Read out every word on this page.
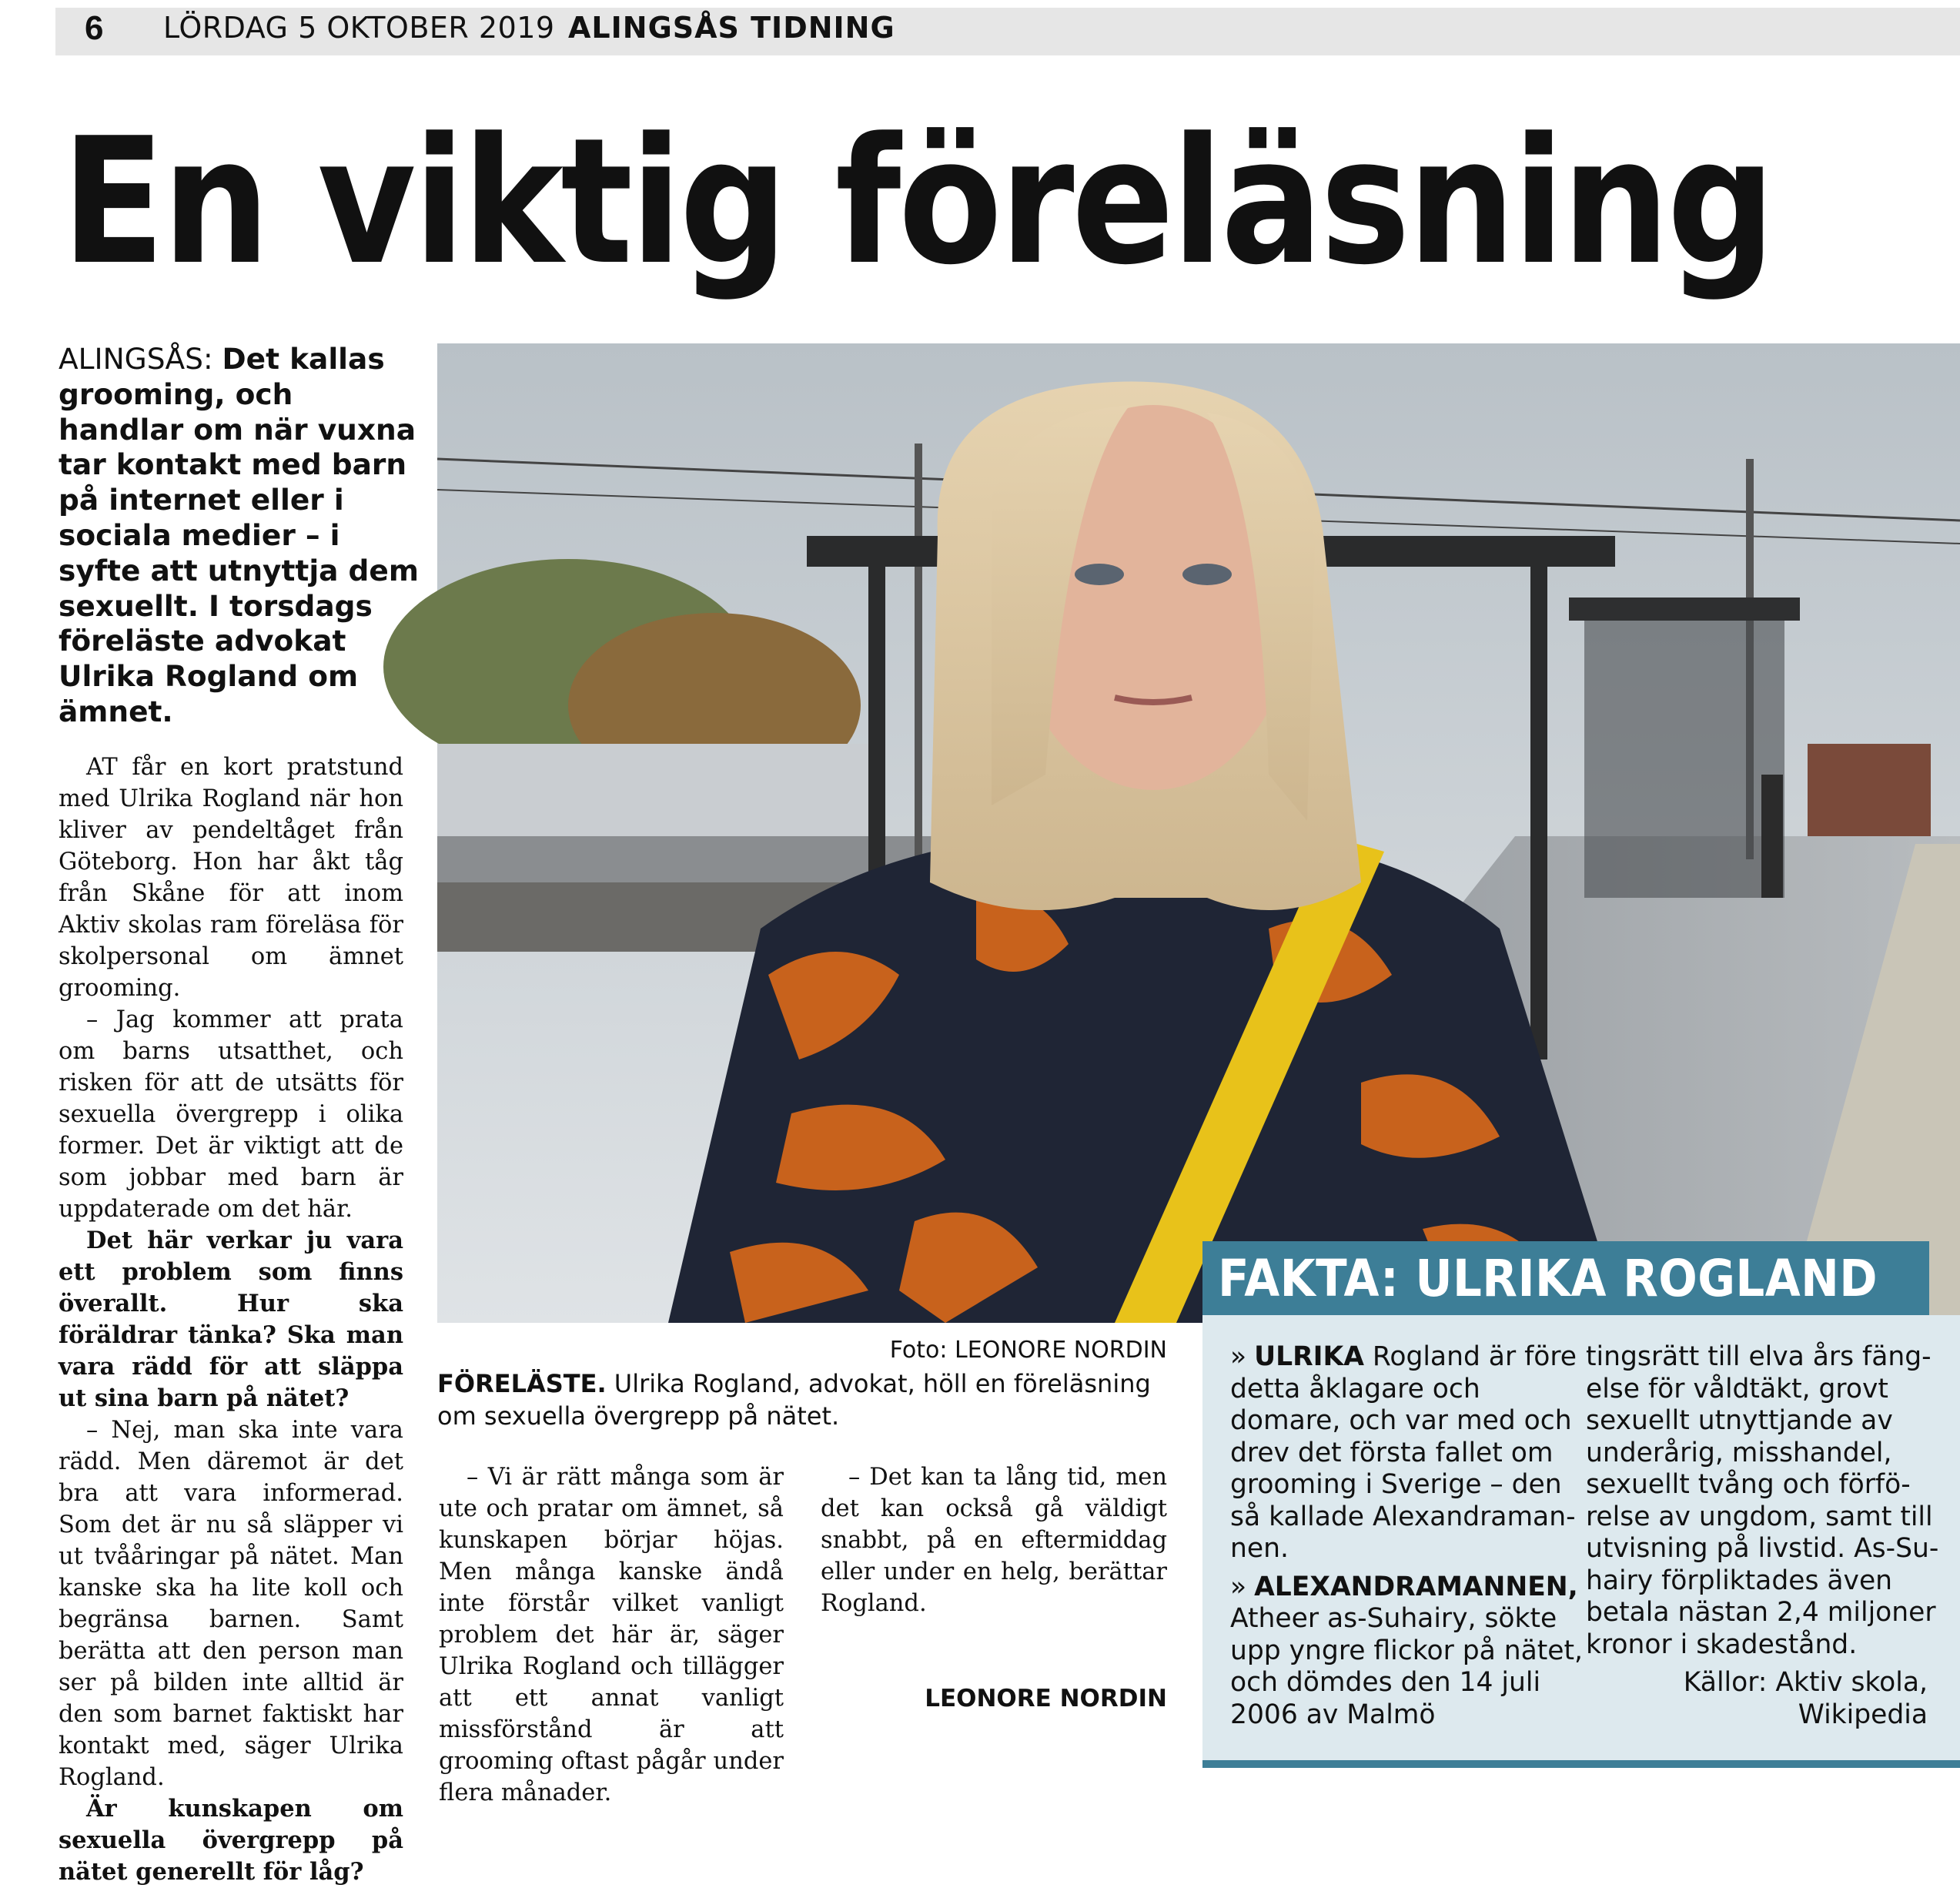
6 LÖRDAG 5 OKTOBER 2019 ALINGSÅS TIDNING
En viktig föreläsning
ALINGSÅS: Det kallas grooming, och handlar om när vuxna tar kontakt med barn på internet eller i sociala medier – i syfte att utnyttja dem sexuellt. I torsdags föreläste advokat Ulrika Rogland om ämnet.

AT får en kort pratstund med Ulrika Rogland när hon kliver av pendeltåget från Göteborg. Hon har åkt tåg från Skåne för att inom Aktiv skolas ram föreläsa för skolpersonal om ämnet grooming.

– Jag kommer att prata om barns utsatthet, och risken för att de utsätts för sexuella övergrepp i olika former. Det är viktigt att de som jobbar med barn är uppdaterade om det här.

Det här verkar ju vara ett problem som finns överallt. Hur ska föräldrar tänka? Ska man vara rädd för att släppa ut sina barn på nätet?

– Nej, man ska inte vara rädd. Men däremot är det bra att vara informerad. Som det är nu så släpper vi ut tvååringar på nätet. Man kanske ska ha lite koll och begränsa barnen. Samt berätta att den person man ser på bilden inte alltid är den som barnet faktiskt har kontakt med, säger Ulrika Rogland.

Är kunskapen om sexuella övergrepp på nätet generellt för låg?

– Vi är rätt många som är ute och pratar om ämnet, så kunskapen börjar höjas. Men många kanske ändå inte förstår vilket vanligt problem det här är, säger Ulrika Rogland och tillägger att ett annat vanligt missförstånd är att grooming oftast pågår under flera månader.

– Det kan ta lång tid, men det kan också gå väldigt snabbt, på en eftermiddag eller under en helg, berättar Rogland.

LEONORE NORDIN
Foto: LEONORE NORDIN
FÖRELÄSTE. Ulrika Rogland, advokat, höll en föreläsning om sexuella övergrepp på nätet.
FAKTA: ULRIKA ROGLAND

» ULRIKA Rogland är före detta åklagare och domare, och var med och drev det första fallet om grooming i Sverige – den så kallade Alexandramannen.

» ALEXANDRAMANNEN, Atheer as-Suhairy, sökte upp yngre flickor på nätet, och dömdes den 14 juli 2006 av Malmö

tingsrätt till elva års fängelse för våldtäkt, grovt sexuellt utnyttjande av underårig, misshandel, sexuellt tvång och förförelse av ungdom, samt till utvisning på livstid. As-Suhairy förpliktades även betala nästan 2,4 miljoner kronor i skadestånd.

Källor: Aktiv skola, Wikipedia
